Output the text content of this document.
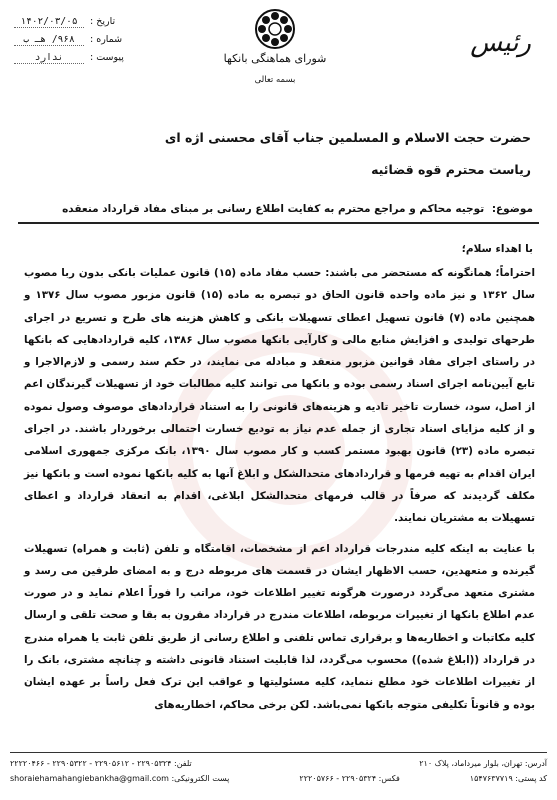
تاریخ :
۱۴۰۲/۰۳/۰۵
شماره :
۹۶۸/ هـ ب
پیوست :
ندارد	شورای هماهنگی بانکها
بسمه تعالی
رئیس
حضرت حجت الاسلام و المسلمین جناب آقای محسنی اژه ای
ریاست محترم قوه قضائیه
موضوع: توجیه محاکم و مراجع محترم به کفایت اطلاع رسانی بر مبنای مفاد قرارداد منعقده
با اهداء سلام؛

احتراماً؛ همانگونه که مستحضر می باشند: حسب مفاد ماده (۱۵) قانون عملیات بانکی بدون ربا مصوب سال ۱۳۶۲ و نیز ماده واحده قانون الحاق دو تبصره به ماده (۱۵) قانون مزبور مصوب سال ۱۳۷۶ و همچنین ماده (۷) قانون تسهیل اعطای تسهیلات بانکی و کاهش هزینه های طرح و تسریع در اجرای طرحهای تولیدی و افزایش منابع مالی و کارآیی بانکها مصوب سال ۱۳۸۶، کلیه قراردادهایی که بانکها در راستای اجرای مفاد قوانین مزبور منعقد و مبادله می نمایند، در حکم سند رسمی و لازم‌الاجرا و تابع آیین‌نامه اجرای اسناد رسمی بوده و بانکها می توانند کلیه مطالبات خود از تسهیلات گیرندگان اعم از اصل، سود، خسارت تاخیر تادیه و هزینه‌های قانونی را به استناد قراردادهای موصوف وصول نموده و از کلیه مزایای اسناد تجاری از جمله عدم نیاز به تودیع خسارت احتمالی برخوردار باشند. در اجرای تبصره ماده (۲۳) قانون بهبود مستمر کسب و کار مصوب سال ۱۳۹۰، بانک مرکزی جمهوری اسلامی ایران اقدام به تهیه فرمها و قراردادهای متحدالشکل و ابلاغ آنها به کلیه بانکها نموده است و بانکها نیز مکلف گردیدند که صرفاً در قالب فرمهای متحدالشکل ابلاغی، اقدام به انعقاد قرارداد و اعطای تسهیلات به مشتریان نمایند.

با عنایت به اینکه کلیه مندرجات قرارداد اعم از مشخصات، اقامتگاه و تلفن (ثابت و همراه) تسهیلات گیرنده و متعهدین، حسب الاظهار ایشان در قسمت های مربوطه درج و به امضای طرفین می رسد و مشتری متعهد می‌گردد درصورت هرگونه تغییر اطلاعات خود، مراتب را فوراً اعلام نماید و در صورت عدم اطلاع بانکها از تغییرات مربوطه، اطلاعات مندرج در قرارداد مقرون به بقا و صحت تلقی و ارسال کلیه مکاتبات و اخطاریه‌ها و برقراری تماس تلفنی و اطلاع رسانی از طریق تلفن ثابت یا همراه مندرج در قرارداد ((ابلاغ شده)) محسوب می‌گردد، لذا قابلیت استناد قانونی داشته و چنانچه مشتری، بانک را از تغییرات اطلاعات خود مطلع ننماید، کلیه مسئولیتها و عواقب این ترک فعل راساً بر عهده ایشان بوده و قانوناً تکلیفی متوجه بانکها نمی‌باشد. لکن برخی محاکم، اخطاریه‌های

آدرس: تهران، بلوار میرداماد، پلاک ۲۱۰
تلفن: ۲۲۹۰۵۳۲۴ - ۲۲۹۰۵۶۱۲ - ۲۲۹۰۵۳۲۲ - ۲۲۲۲۰۴۶۶
کد پستی: ۱۵۴۷۶۳۷۷۱۹
فکس: ۲۲۹۰۵۳۲۴ - ۲۲۲۰۵۷۶۶
پست الکترونیکی: shoraiehamahangiebankha@gmail.com
